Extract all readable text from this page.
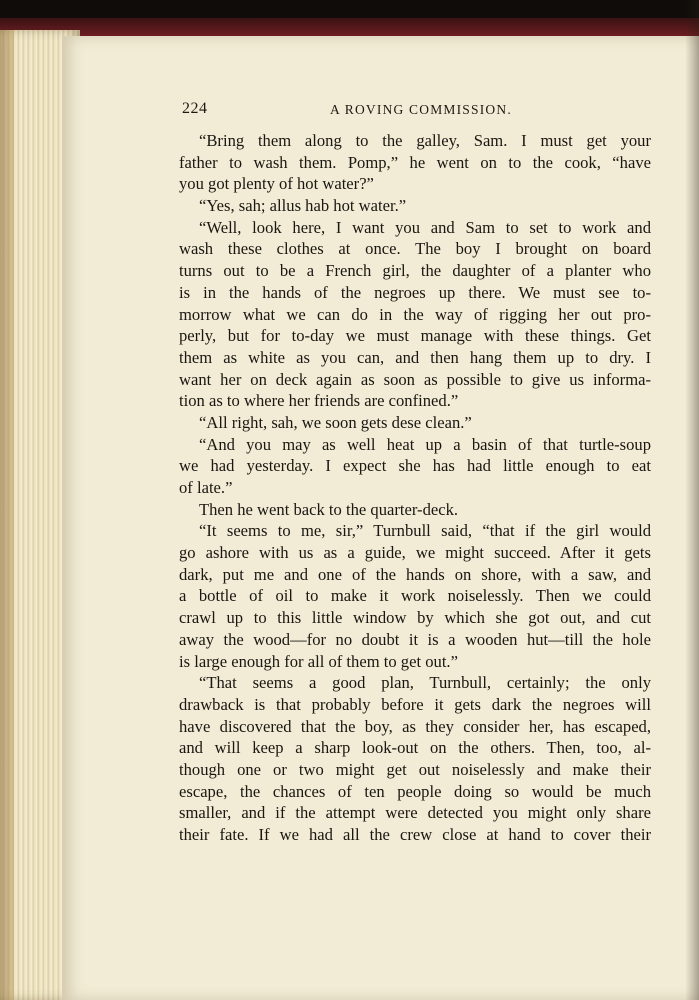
224	A ROVING COMMISSION.
“Bring them along to the galley, Sam. I must get your
father to wash them. Pomp,” he went on to the cook, “have
you got plenty of hot water?”
“Yes, sah; allus hab hot water.”
“Well, look here, I want you and Sam to set to work and
wash these clothes at once. The boy I brought on board
turns out to be a French girl, the daughter of a planter who
is in the hands of the negroes up there. We must see to-
morrow what we can do in the way of rigging her out pro-
perly, but for to-day we must manage with these things. Get
them as white as you can, and then hang them up to dry. I
want her on deck again as soon as possible to give us informa-
tion as to where her friends are confined.”
“All right, sah, we soon gets dese clean.”
“And you may as well heat up a basin of that turtle-soup
we had yesterday. I expect she has had little enough to eat
of late.”
Then he went back to the quarter-deck.
“It seems to me, sir,” Turnbull said, “that if the girl would
go ashore with us as a guide, we might succeed. After it gets
dark, put me and one of the hands on shore, with a saw, and
a bottle of oil to make it work noiselessly. Then we could
crawl up to this little window by which she got out, and cut
away the wood—for no doubt it is a wooden hut—till the hole
is large enough for all of them to get out.”
“That seems a good plan, Turnbull, certainly; the only
drawback is that probably before it gets dark the negroes will
have discovered that the boy, as they consider her, has escaped,
and will keep a sharp look-out on the others. Then, too, al-
though one or two might get out noiselessly and make their
escape, the chances of ten people doing so would be much
smaller, and if the attempt were detected you might only share
their fate. If we had all the crew close at hand to cover their
